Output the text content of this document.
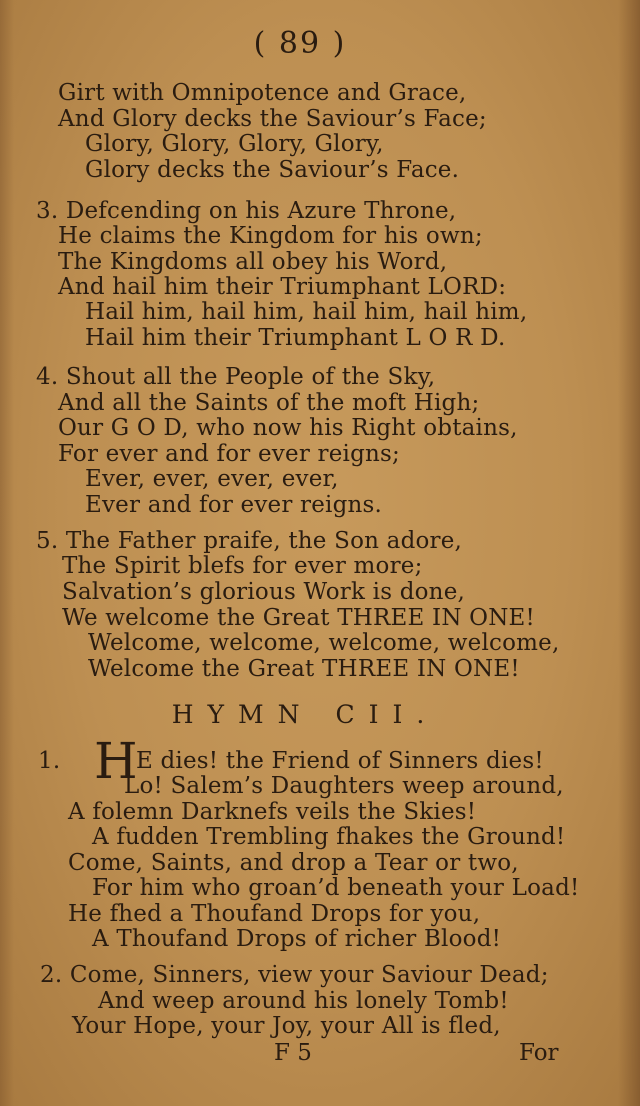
( 89 )
Girt with Omnipotence and Grace,
And Glory decks the Saviour’s Face;
Glory, Glory, Glory, Glory,
Glory decks the Saviour’s Face.
3. Defcending on his Azure Throne,
He claims the Kingdom for his own;
The Kingdoms all obey his Word,
And hail him their Triumphant LORD:
Hail him, hail him, hail him, hail him,
Hail him their Triumphant L O R D.
4. Shout all the People of the Sky,
And all the Saints of the moft High;
Our G O D, who now his Right obtains,
For ever and for ever reigns;
Ever, ever, ever, ever,
Ever and for ever reigns.
5. The Father praife, the Son adore,
The Spirit blefs for ever more;
Salvation’s glorious Work is done,
We welcome the Great THREE IN ONE!
Welcome, welcome, welcome, welcome,
Welcome the Great THREE IN ONE!
HYMN CII.
1. H
E dies! the Friend of Sinners dies!
Lo! Salem’s Daughters weep around,
A folemn Darknefs veils the Skies!
A fudden Trembling fhakes the Ground!
Come, Saints, and drop a Tear or two,
For him who groan’d beneath your Load!
He fhed a Thoufand Drops for you,
A Thoufand Drops of richer Blood!
2. Come, Sinners, view your Saviour Dead;
And weep around his lonely Tomb!
Your Hope, your Joy, your All is fled,
F 5	For
